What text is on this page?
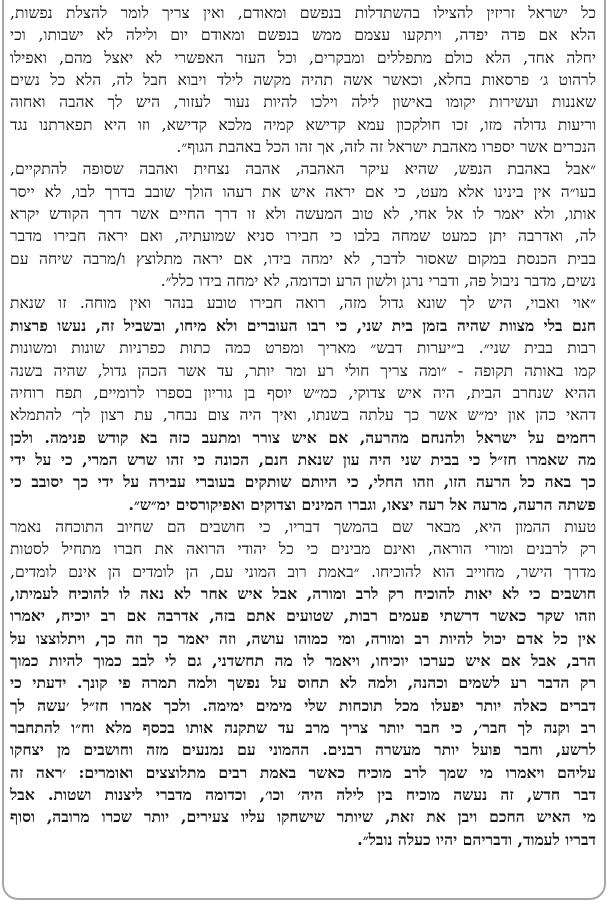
כל ישראל זריזין להצילו בהשתדלות בנפשם ומאודם, ואין צריך לומר להצלת נפשות,
הלא אם פדה יפדה, ויתקעו עצמם ממש בנפשם ומאודם יום ולילה לא ישבותו, וכי
יחלה אחד, הלא כולם מתפללים ומבקרים, וכל העזר האפשרי לא יאצל מהם, ואפילו
לרהוט ג׳ פרסאות בחלא, וכאשר אשה תהיה מקשה לילד ויבוא חבל לה, הלא כל נשים
שאננות ועשירות יקומו באישון לילה וילכו להיות נעור לעזור, היש לך אהבה ואחוה
וריעות גדולה מזו, זכו חולקכון עמא קדישא קמיה מלכא קדישא, וזו היא תפארתנו נגד
הנכרים אשר יספרו מאהבת ישראל זה לזה, אך זהו הכל באהבת הגוף״.

״אבל באהבת הנפש, שהיא עיקר האהבה, אהבה נצחית ואהבה שסופה להתקיים,
בעו״ה אין בינינו אלא מעט, כי אם יראה איש את רעהו הולך שובב בדרך לבו, לא ייסר
אותו, ולא יאמר לו אל אחי, לא טוב המעשה ולא זו דרך החיים אשר דרך הקודש יקרא
לה, ואדרבה יתן כמעט שמחה בלבו כי חבירו סניא שמועתיה, ואם יראה חבירו מדבר
בבית הכנסת במקום שאסור לדבר, לא ימחה בידו, אם יראה מתלוצץ ו/מרבה שיחה עם
נשים, מדבר ניבול פה, ודברי נרגן ולשון הרע וכדומה, לא ימחה בידו כלל״.

״אוי ואבוי, היש לך שונא גדול מזה, רואה חבירו טובע בנהר ואין מוחה. זו שנאת
חנם בלי מצוות שהיה בזמן בית שני, כי רבו העוברים ולא מיחו, ובשביל זה, נעשו פרצות
רבות בבית שני״. ב״יערות דבש״ מאריך ומפרט כמה כתות כפרניות שונות ומשונות
קמו באותה תקופה - ״ומה צריך חולי רע ומר יותר, עד אשר הכהן גדול, שהיה בשנה
ההיא שנחרב הבית, היה איש צדוקי, כמ״ש יוסף בן גוריון בספרו לרומיים, תפח רוחיה
דהאי כהן און ימ״ש אשר כך עלתה בשנתו, ואיך היה צום נבחר, עת רצון לך׳ להתמלא
רחמים על ישראל ולהנחם מהרעה, אם איש צורר ומתעב כזה בא קודש פנימה. ולכן
מה שאמרו חז״ל כי בבית שני היה עון שנאת חנם, הכונה כי זהו שרש המרי, כי על ידי
כך באה כל הרעה הזו, וזהו החלי, כי היותם שותקים בעוברי עבירה על ידי כך יסובב כי
פשתה הרעה, מרעה אל רעה יצאו, וגברו המינים וצדוקים ואפיקורסים ימ״ש״.

טעות ההמון היא, מבאר שם בהמשך דבריו, כי חושבים הם שחיוב התוכחה נאמר
רק לרבנים ומורי הוראה, ואינם מבינים כי כל יהודי הרואה את חברו מתחיל לסטות
מדרך הישר, מחוייב הוא להוכיחו. ״באמת רוב המוני עם, הן לומדים הן אינם לומדים,
חושבים כי לא יאות להוכיח רק לרב ומורה, אבל איש אחר לא נאה לו להוכיח לעמיתו,
וזהו שקר כאשר דרשתי פעמים רבות, שטועים אתם בזה, אדרבה אם רב יוכיח, יאמרו
אין כל אדם יכול להיות רב ומורה, ומי כמוהו עושה, וזה יאמר כך וזה כך, ויתלוצצו על
הרב, אבל אם איש כערכו יוכיחו, ויאמר לו מה תחשדני, גם לי לבב כמוך להיות כמוך
רק הדבר רע לשמים וכהנה, ולמה לא תחוס על נפשך ולמה תמרה פי קונך. ידעתי כי
דברים כאלה יותר יפעלו מכל תוכחות שלי מימים ימימה. ולכך אמרו חז״ל ׳עשה לך
רב וקנה לך חבר׳, כי חבר יותר צריך מרב עד שתקנה אותו בכסף מלא וח״ו להתחבר
לרשע, וחבר פועל יותר מעשרה רבנים. ההמוני עם נמנעים מזה וחושבים מן יצחקו
עליהם ויאמרו מי שמך לרב מוכיח כאשר באמת רבים מתלוצצים ואומרים: ׳ראה זה
דבר חדש, זה נעשה מוכיח בין לילה היה׳ וכו׳, וכדומה מדברי ליצנות ושטות. אבל
מי האיש החכם ויבן את זאת, שיותר שישחקו עליו צעירים, יותר שכרו מרובה, וסוף
דבריו לעמוד, ודבריהם יהיו כעלה נובל״.
